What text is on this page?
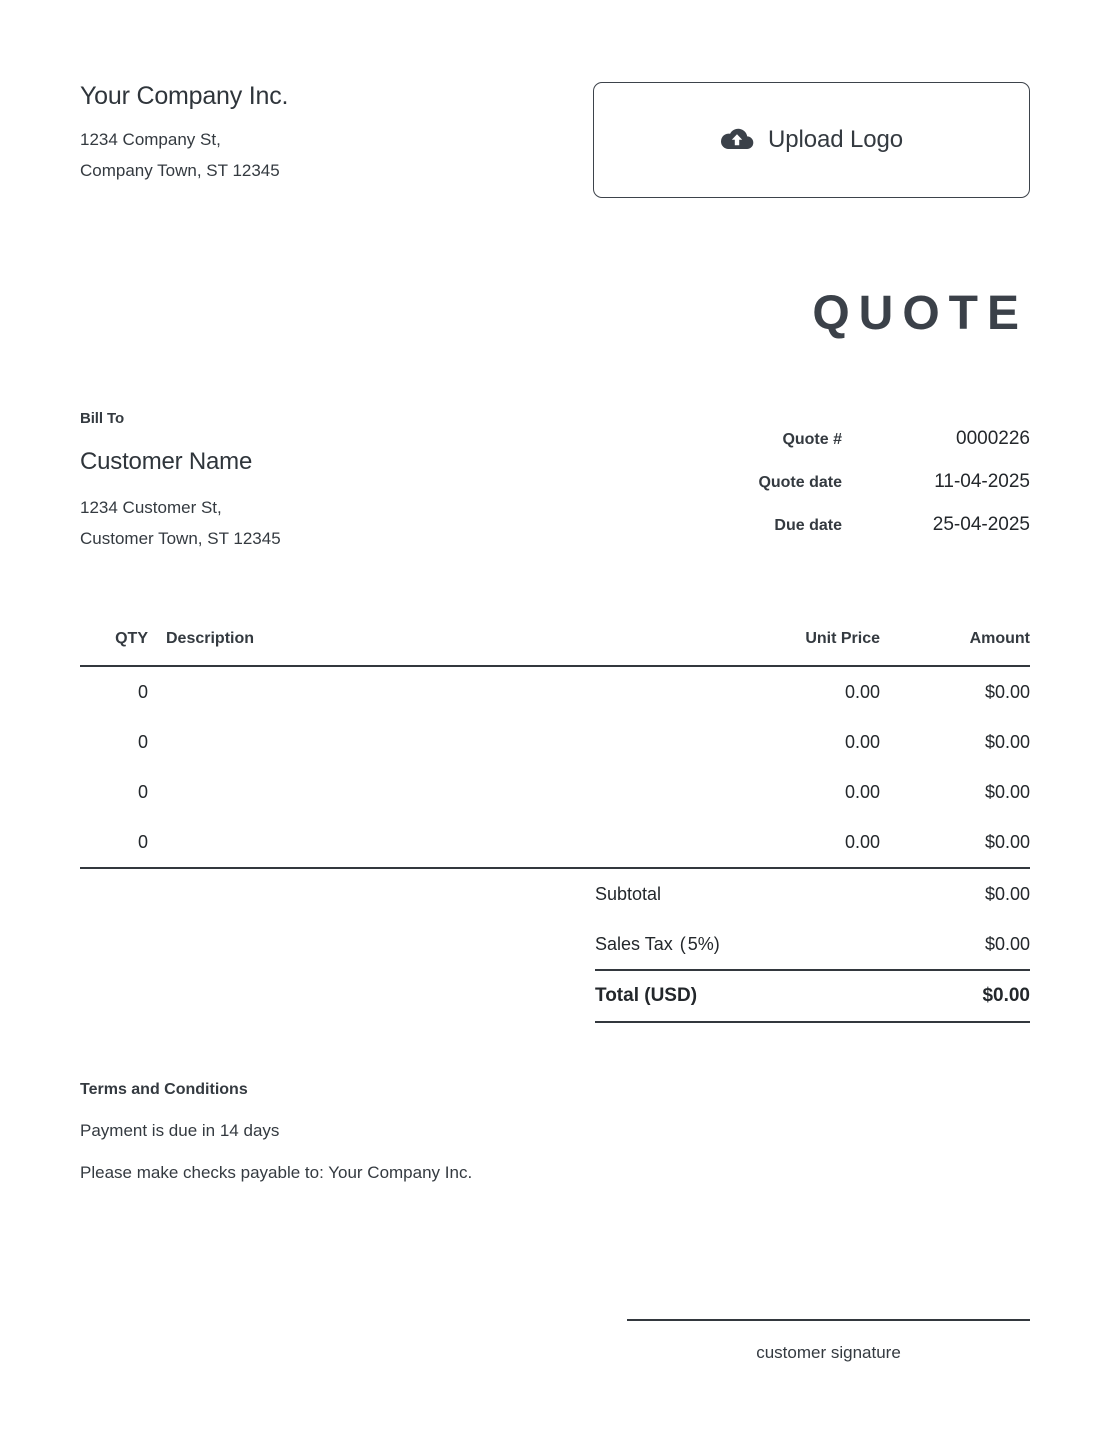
Your Company Inc.
1234 Company St,
Company Town, ST 12345
Upload Logo
QUOTE
Bill To
Customer Name
1234 Customer St,
Customer Town, ST 12345
Quote #	0000226
Quote date	11-04-2025
Due date	25-04-2025
QTY	Description	Unit Price	Amount
0		0.00	$0.00
0		0.00	$0.00
0		0.00	$0.00
0		0.00	$0.00
Subtotal	$0.00
Sales Tax (5%)	$0.00
Total (USD)	$0.00
Terms and Conditions
Payment is due in 14 days
Please make checks payable to: Your Company Inc.
customer signature
